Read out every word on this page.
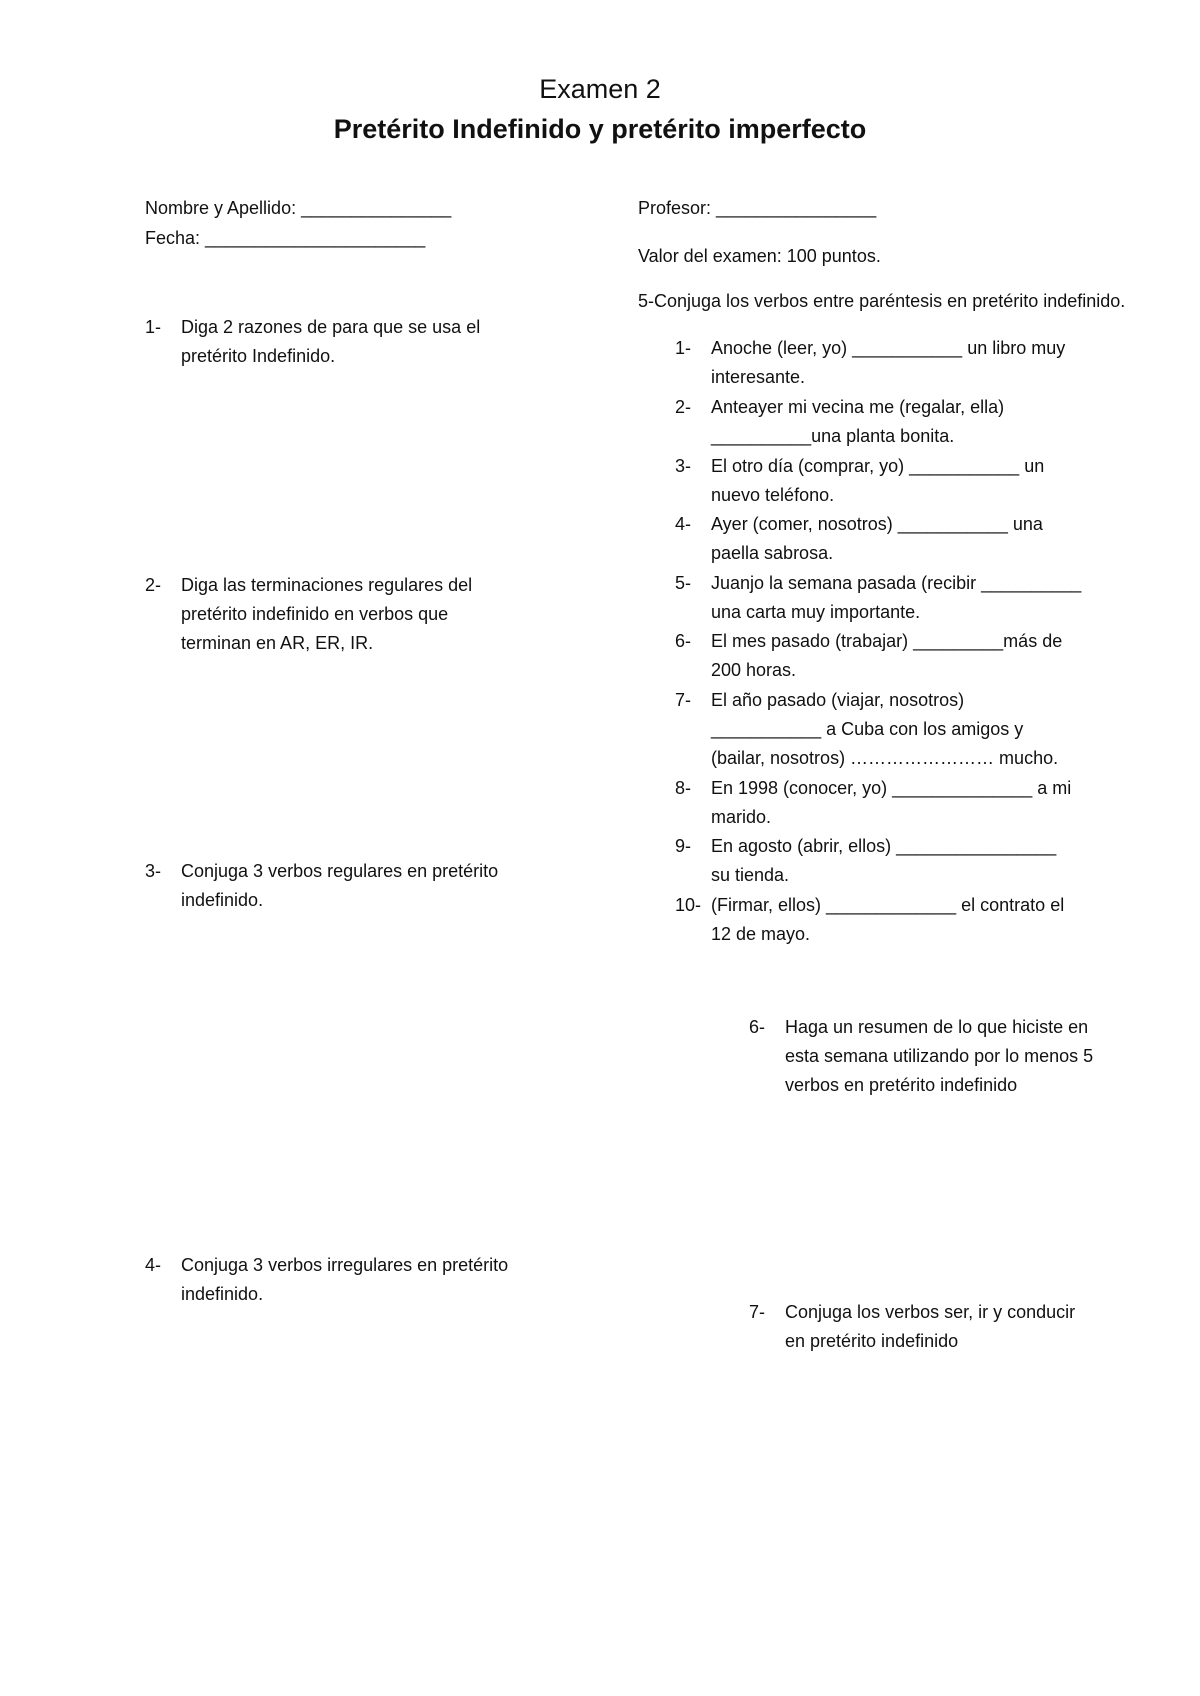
Examen 2
Pretérito Indefinido y pretérito imperfecto
Nombre y Apellido: _______________
Fecha: ______________________
Profesor: ________________
Valor del examen: 100 puntos.
1- Diga 2 razones de para que se usa el
pretérito Indefinido.
2- Diga las terminaciones regulares del
pretérito indefinido en verbos que
terminan en AR, ER, IR.
3- Conjuga 3 verbos regulares en pretérito
indefinido.
4- Conjuga 3 verbos irregulares en pretérito
indefinido.
5-Conjuga los verbos entre paréntesis en pretérito indefinido.
1- Anoche (leer, yo) ___________ un libro muy
interesante.
2- Anteayer mi vecina me (regalar, ella)
__________una planta bonita.
3- El otro día (comprar, yo) ___________ un
nuevo teléfono.
4- Ayer (comer, nosotros) ___________ una
paella sabrosa.
5- Juanjo la semana pasada (recibir __________
una carta muy importante.
6- El mes pasado (trabajar) _________más de
200 horas.
7- El año pasado (viajar, nosotros)
___________ a Cuba con los amigos y
(bailar, nosotros) …………………… mucho.
8- En 1998 (conocer, yo) ______________ a mi
marido.
9- En agosto (abrir, ellos) ________________
su tienda.
10- (Firmar, ellos) _____________ el contrato el
12 de mayo.
6- Haga un resumen de lo que hiciste en
esta semana utilizando por lo menos 5
verbos en pretérito indefinido
7- Conjuga los verbos ser, ir y conducir
en pretérito indefinido
